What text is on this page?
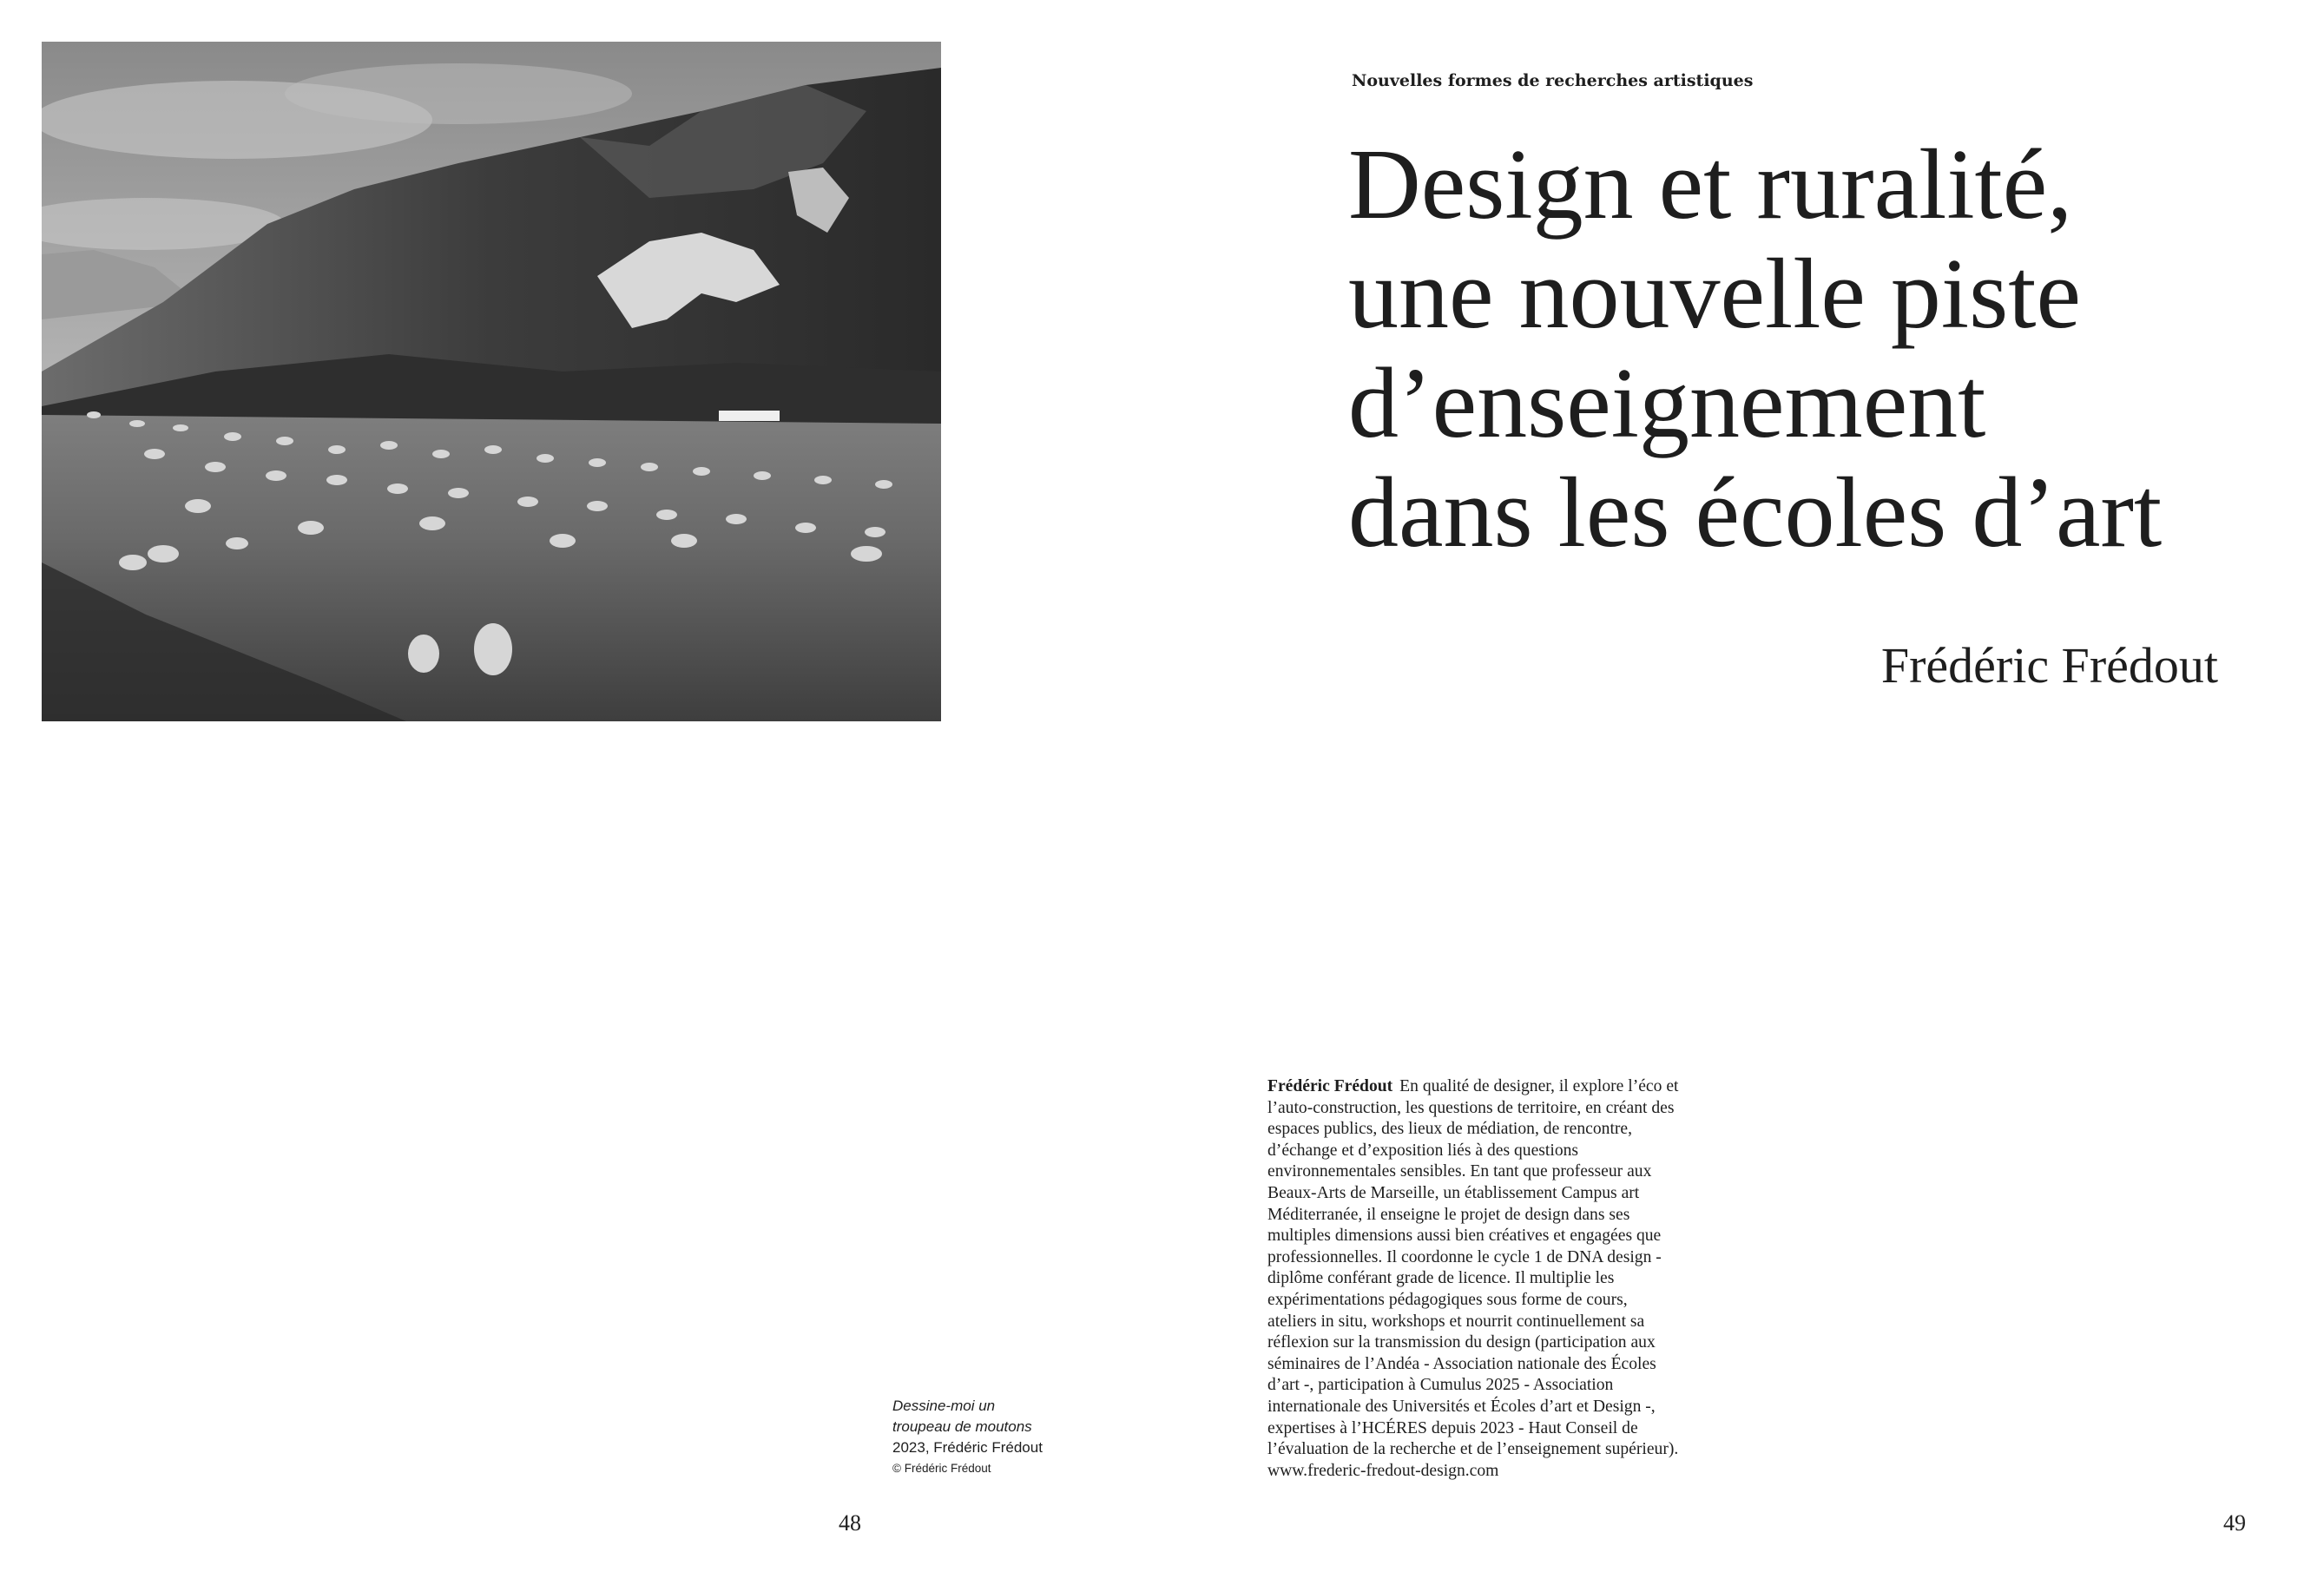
Dessine-moi un
troupeau de moutons
2023, Frédéric Frédout
© Frédéric Frédout
48
Nouvelles formes de recherches artistiques
Design et ruralité,
une nouvelle piste
d’enseignement
dans les écoles d’art
Frédéric Frédout
Frédéric Frédout En qualité de designer, il explore l’éco et
l’auto-construction, les questions de territoire, en créant des
espaces publics, des lieux de médiation, de rencontre,
d’échange et d’exposition liés à des questions
environnementales sensibles. En tant que professeur aux
Beaux-Arts de Marseille, un établissement Campus art
Méditerranée, il enseigne le projet de design dans ses
multiples dimensions aussi bien créatives et engagées que
professionnelles. Il coordonne le cycle 1 de DNA design -
diplôme conférant grade de licence. Il multiplie les
expérimentations pédagogiques sous forme de cours,
ateliers in situ, workshops et nourrit continuellement sa
réflexion sur la transmission du design (participation aux
séminaires de l’Andéa - Association nationale des Écoles
d’art -, participation à Cumulus 2025 - Association
internationale des Universités et Écoles d’art et Design -,
expertises à l’HCÉRES depuis 2023 - Haut Conseil de
l’évaluation de la recherche et de l’enseignement supérieur).
www.frederic-fredout-design.com
49
